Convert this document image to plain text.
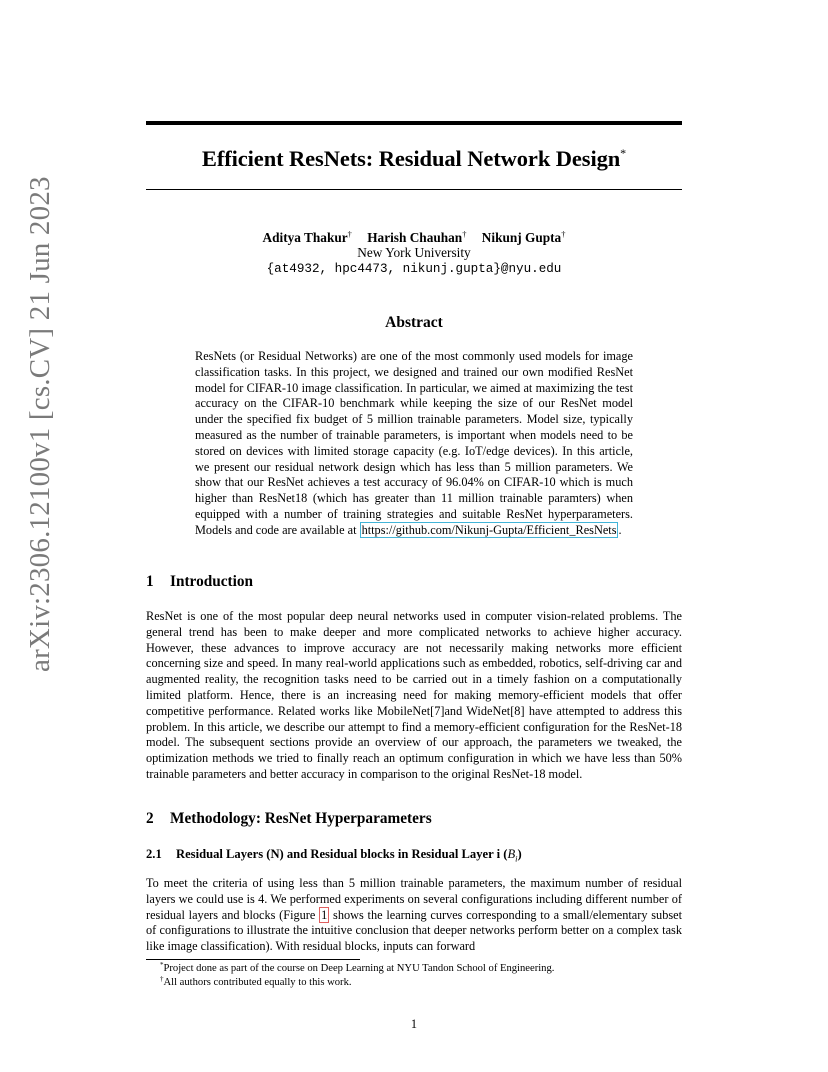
arXiv:2306.12100v1 [cs.CV] 21 Jun 2023
Efficient ResNets: Residual Network Design*
Aditya Thakur† Harish Chauhan† Nikunj Gupta†
New York University
{at4932, hpc4473, nikunj.gupta}@nyu.edu
Abstract
ResNets (or Residual Networks) are one of the most commonly used models for image classification tasks. In this project, we designed and trained our own modified ResNet model for CIFAR-10 image classification. In particular, we aimed at maximizing the test accuracy on the CIFAR-10 benchmark while keeping the size of our ResNet model under the specified fix budget of 5 million trainable parameters. Model size, typically measured as the number of trainable parameters, is important when models need to be stored on devices with limited storage capacity (e.g. IoT/edge devices). In this article, we present our residual network design which has less than 5 million parameters. We show that our ResNet achieves a test accuracy of 96.04% on CIFAR-10 which is much higher than ResNet18 (which has greater than 11 million trainable paramters) when equipped with a number of training strategies and suitable ResNet hyperparameters. Models and code are available at https://github.com/Nikunj-Gupta/Efficient_ResNets .
1 Introduction
ResNet is one of the most popular deep neural networks used in computer vision-related problems. The general trend has been to make deeper and more complicated networks to achieve higher accuracy. However, these advances to improve accuracy are not necessarily making networks more efficient concerning size and speed. In many real-world applications such as embedded, robotics, self-driving car and augmented reality, the recognition tasks need to be carried out in a timely fashion on a computationally limited platform. Hence, there is an increasing need for making memory-efficient models that offer competitive performance. Related works like MobileNet[7]and WideNet[8] have attempted to address this problem. In this article, we describe our attempt to find a memory-efficient configuration for the ResNet-18 model. The subsequent sections provide an overview of our approach, the parameters we tweaked, the optimization methods we tried to finally reach an optimum configuration in which we have less than 50% trainable parameters and better accuracy in comparison to the original ResNet-18 model.
2 Methodology: ResNet Hyperparameters
2.1 Residual Layers (N) and Residual blocks in Residual Layer i $(B_i)$
To meet the criteria of using less than 5 million trainable parameters, the maximum number of residual layers we could use is 4. We performed experiments on several configurations including different number of residual layers and blocks (Figure 1 shows the learning curves corresponding to a small/elementary subset of configurations to illustrate the intuitive conclusion that deeper networks perform better on a complex task like image classification). With residual blocks, inputs can forward
*Project done as part of the course on Deep Learning at NYU Tandon School of Engineering.
†All authors contributed equally to this work.
1
